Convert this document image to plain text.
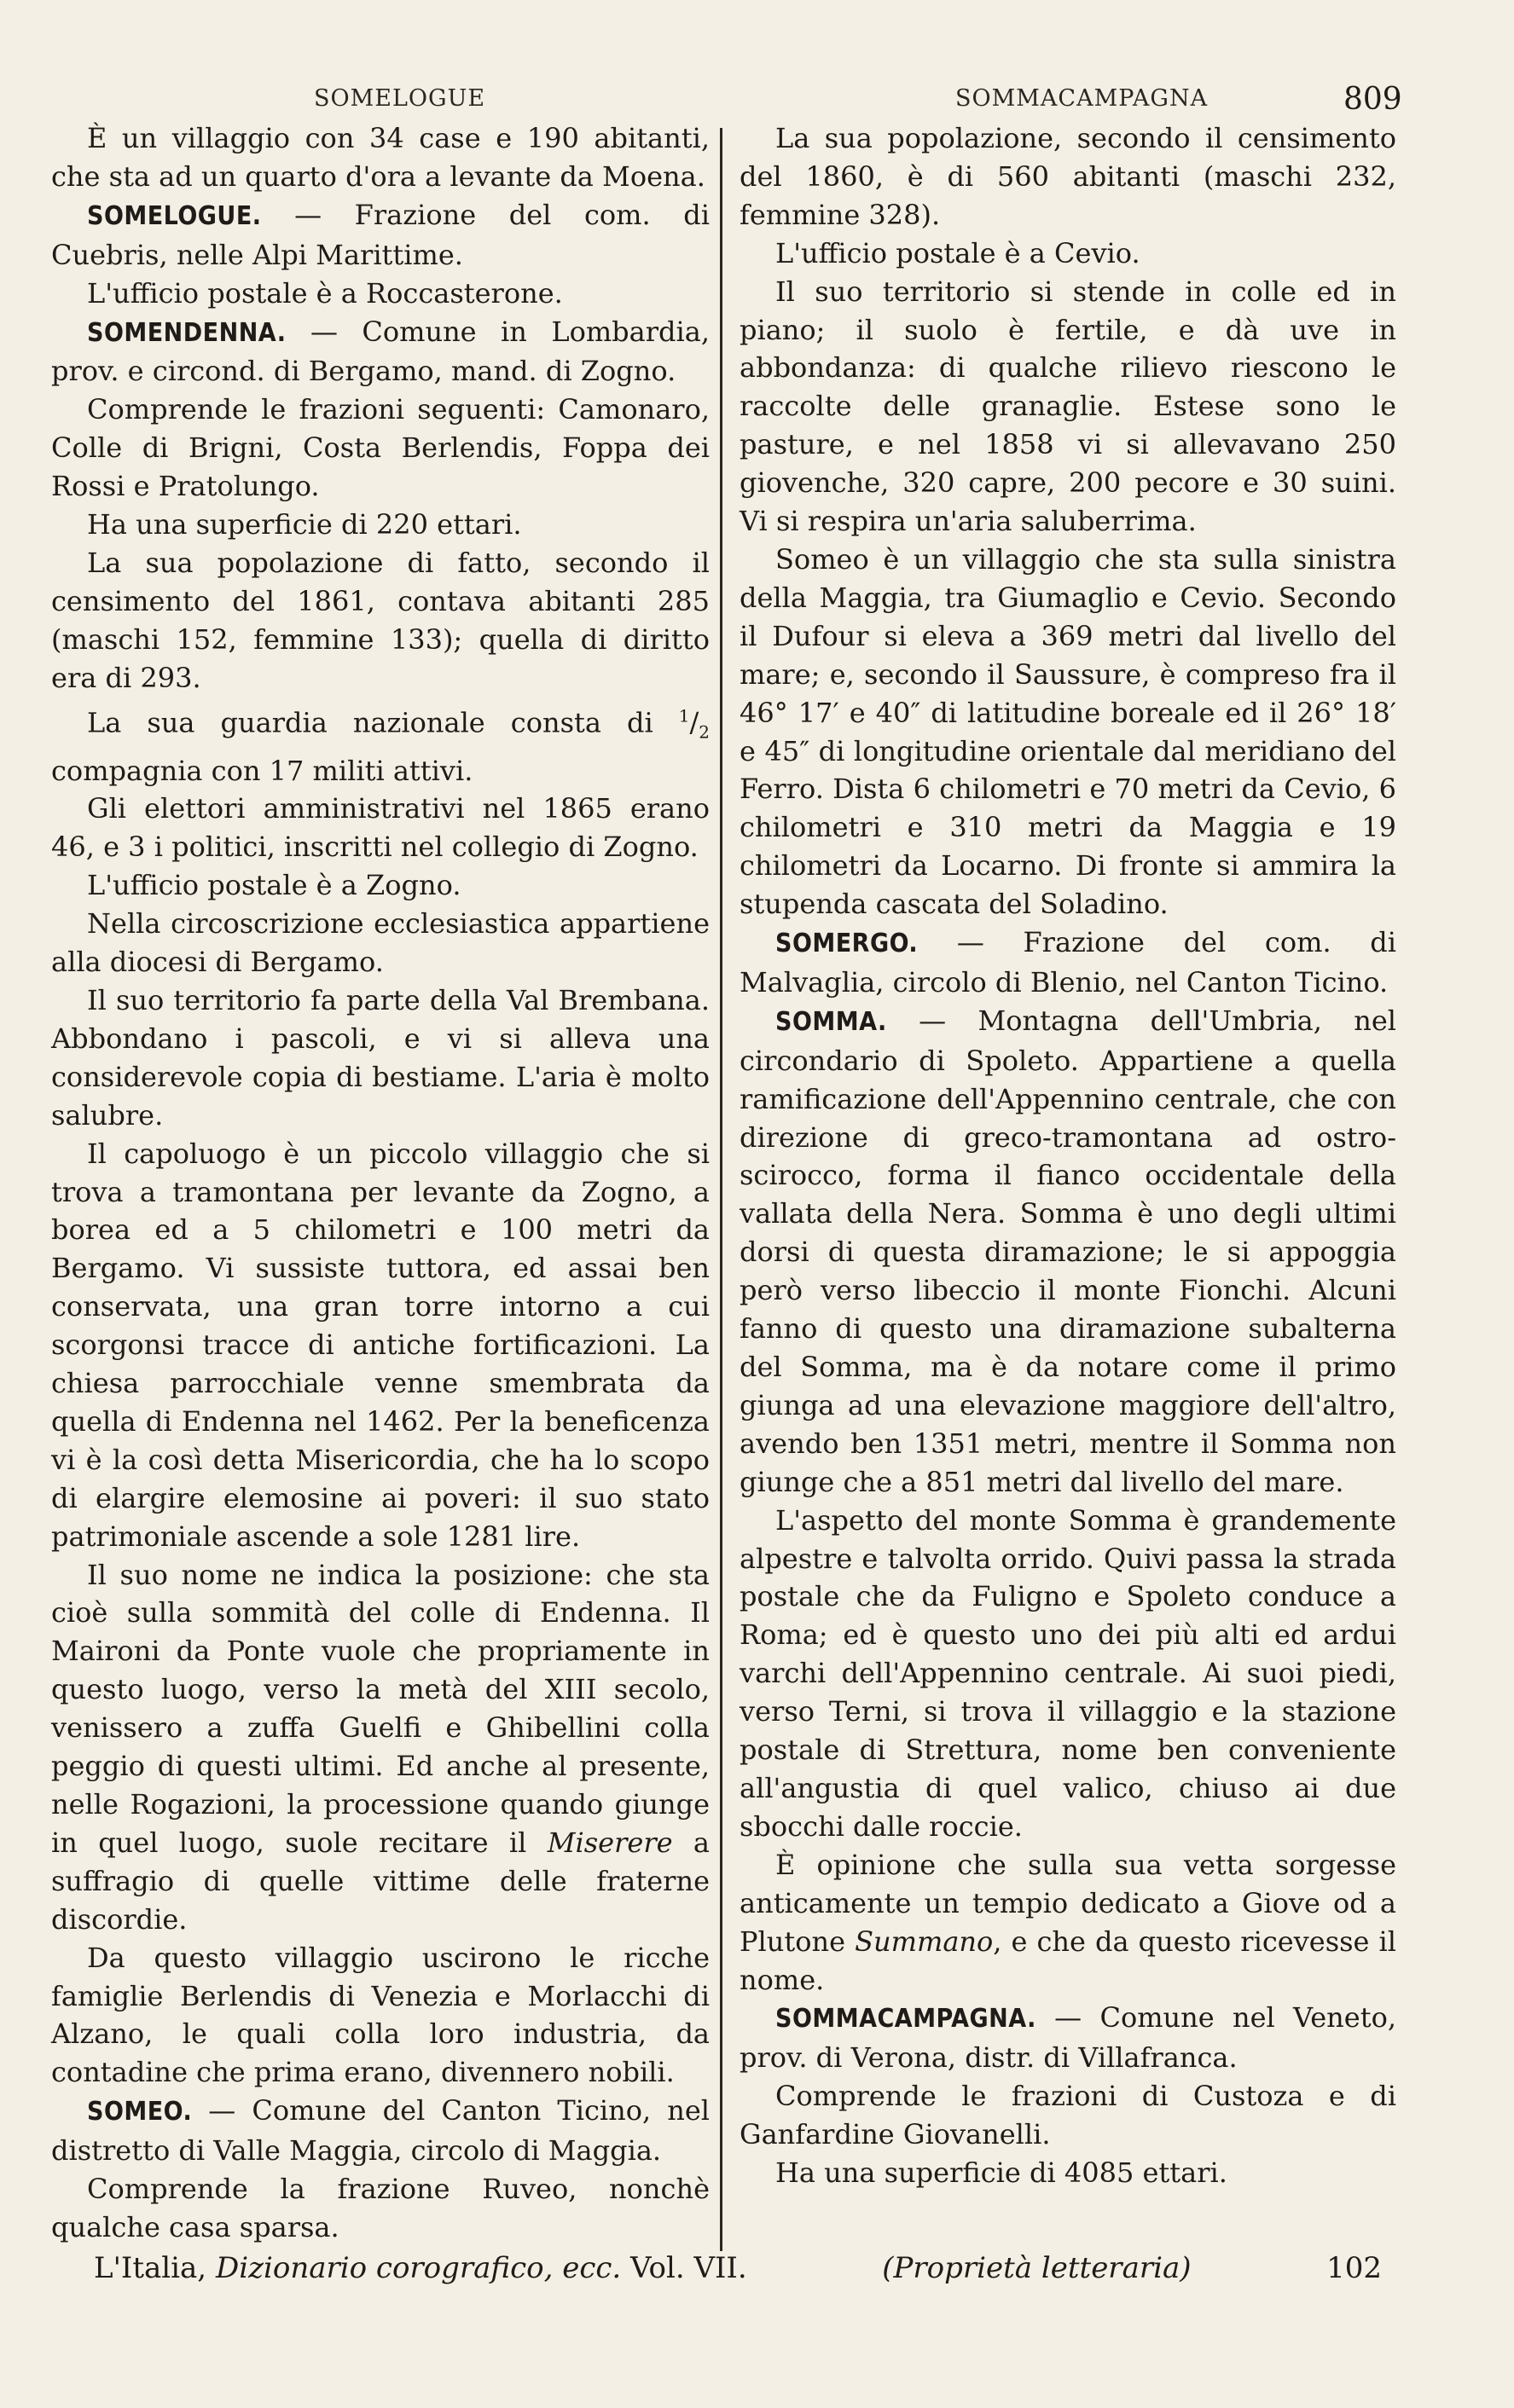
SOMELOGUE	SOMMACAMPAGNA	809

È un villaggio con 34 case e 190 abitanti, che sta ad un quarto d'ora a levante da Moena.

SOMELOGUE. — Frazione del com. di Cuebris, nelle Alpi Marittime.

L'ufficio postale è a Roccasterone.

SOMENDENNA. — Comune in Lombardia, prov. e circond. di Bergamo, mand. di Zogno.

Comprende le frazioni seguenti: Camonaro, Colle di Brigni, Costa Berlendis, Foppa dei Rossi e Pratolungo.

Ha una superficie di 220 ettari.

La sua popolazione di fatto, secondo il censimento del 1861, contava abitanti 285 (maschi 152, femmine 133); quella di diritto era di 293.

La sua guardia nazionale consta di $^1/_2$ compagnia con 17 militi attivi.

Gli elettori amministrativi nel 1865 erano 46, e 3 i politici, inscritti nel collegio di Zogno.

L'ufficio postale è a Zogno.

Nella circoscrizione ecclesiastica appartiene alla diocesi di Bergamo.

Il suo territorio fa parte della Val Brembana. Abbondano i pascoli, e vi si alleva una considerevole copia di bestiame. L'aria è molto salubre.

Il capoluogo è un piccolo villaggio che si trova a tramontana per levante da Zogno, a borea ed a 5 chilometri e 100 metri da Bergamo. Vi sussiste tuttora, ed assai ben conservata, una gran torre intorno a cui scorgonsi tracce di antiche fortificazioni. La chiesa parrocchiale venne smembrata da quella di Endenna nel 1462. Per la beneficenza vi è la così detta Misericordia, che ha lo scopo di elargire elemosine ai poveri: il suo stato patrimoniale ascende a sole 1281 lire.

Il suo nome ne indica la posizione: che sta cioè sulla sommità del colle di Endenna. Il Maironi da Ponte vuole che propriamente in questo luogo, verso la metà del XIII secolo, venissero a zuffa Guelfi e Ghibellini colla peggio di questi ultimi. Ed anche al presente, nelle Rogazioni, la processione quando giunge in quel luogo, suole recitare il Miserere a suffragio di quelle vittime delle fraterne discordie.

Da questo villaggio uscirono le ricche famiglie Berlendis di Venezia e Morlacchi di Alzano, le quali colla loro industria, da contadine che prima erano, divennero nobili.

SOMEO. — Comune del Canton Ticino, nel distretto di Valle Maggia, circolo di Maggia.

Comprende la frazione Ruveo, nonchè qualche casa sparsa.

La sua popolazione, secondo il censimento del 1860, è di 560 abitanti (maschi 232, femmine 328).

L'ufficio postale è a Cevio.

Il suo territorio si stende in colle ed in piano; il suolo è fertile, e dà uve in abbondanza: di qualche rilievo riescono le raccolte delle granaglie. Estese sono le pasture, e nel 1858 vi si allevavano 250 giovenche, 320 capre, 200 pecore e 30 suini. Vi si respira un'aria saluberrima.

Someo è un villaggio che sta sulla sinistra della Maggia, tra Giumaglio e Cevio. Secondo il Dufour si eleva a 369 metri dal livello del mare; e, secondo il Saussure, è compreso fra il 46° 17′ e 40″ di latitudine boreale ed il 26° 18′ e 45″ di longitudine orientale dal meridiano del Ferro. Dista 6 chilometri e 70 metri da Cevio, 6 chilometri e 310 metri da Maggia e 19 chilometri da Locarno. Di fronte si ammira la stupenda cascata del Soladino.

SOMERGO. — Frazione del com. di Malvaglia, circolo di Blenio, nel Canton Ticino.

SOMMA. — Montagna dell'Umbria, nel circondario di Spoleto. Appartiene a quella ramificazione dell'Appennino centrale, che con direzione di greco-tramontana ad ostro-scirocco, forma il fianco occidentale della vallata della Nera. Somma è uno degli ultimi dorsi di questa diramazione; le si appoggia però verso libeccio il monte Fionchi. Alcuni fanno di questo una diramazione subalterna del Somma, ma è da notare come il primo giunga ad una elevazione maggiore dell'altro, avendo ben 1351 metri, mentre il Somma non giunge che a 851 metri dal livello del mare.

L'aspetto del monte Somma è grandemente alpestre e talvolta orrido. Quivi passa la strada postale che da Fuligno e Spoleto conduce a Roma; ed è questo uno dei più alti ed ardui varchi dell'Appennino centrale. Ai suoi piedi, verso Terni, si trova il villaggio e la stazione postale di Strettura, nome ben conveniente all'angustia di quel valico, chiuso ai due sbocchi dalle roccie.

È opinione che sulla sua vetta sorgesse anticamente un tempio dedicato a Giove od a Plutone Summano, e che da questo ricevesse il nome.

SOMMACAMPAGNA. — Comune nel Veneto, prov. di Verona, distr. di Villafranca.

Comprende le frazioni di Custoza e di Ganfardine Giovanelli.

Ha una superficie di 4085 ettari.

L'Italia, Dizionario corografico, ecc. Vol. VII.	(Proprietà letteraria)	102
